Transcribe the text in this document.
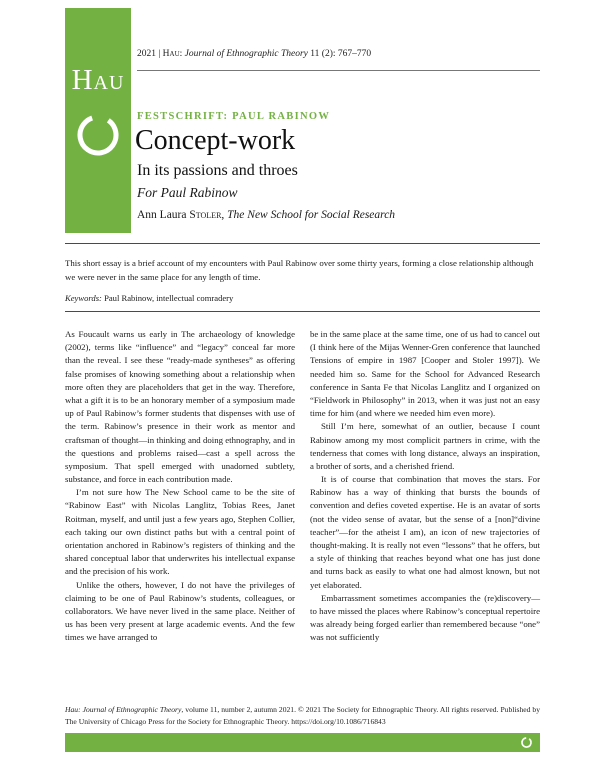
Hau
2021 | Hau: Journal of Ethnographic Theory 11 (2): 767–770
FESTSCHRIFT: PAUL RABINOW
Concept-work
In its passions and throes
For Paul Rabinow
Ann Laura Stoler, The New School for Social Research
This short essay is a brief account of my encounters with Paul Rabinow over some thirty years, forming a close relationship although we were never in the same place for any length of time.
Keywords: Paul Rabinow, intellectual comradery

As Foucault warns us early in The archaeology of knowledge (2002), terms like “influence” and “legacy” conceal far more than the reveal. I see these “ready-made syntheses” as offering false promises of knowing something about a relationship when more often they are placeholders that get in the way. Therefore, what a gift it is to be an honorary member of a symposium made up of Paul Rabinow’s former students that dispenses with use of the term. Rabinow’s presence in their work as mentor and craftsman of thought—in thinking and doing ethnography, and in the questions and problems raised—cast a spell across the symposium. That spell emerged with unadorned subtlety, substance, and force in each contribution made.

I’m not sure how The New School came to be the site of “Rabinow East” with Nicolas Langlitz, Tobias Rees, Janet Roitman, myself, and until just a few years ago, Stephen Collier, each taking our own distinct paths but with a central point of orientation anchored in Rabinow’s registers of thinking and the shared conceptual labor that underwrites his intellectual expanse and the precision of his work.

Unlike the others, however, I do not have the privileges of claiming to be one of Paul Rabinow’s students, colleagues, or collaborators. We have never lived in the same place. Neither of us has been very present at large academic events. And the few times we have arranged to

be in the same place at the same time, one of us had to cancel out (I think here of the Mijas Wenner-Gren conference that launched Tensions of empire in 1987 [Cooper and Stoler 1997]). We needed him so. Same for the School for Advanced Research conference in Santa Fe that Nicolas Langlitz and I organized on “Fieldwork in Philosophy” in 2013, when it was just not an easy time for him (and where we needed him even more).

Still I’m here, somewhat of an outlier, because I count Rabinow among my most complicit partners in crime, with the tenderness that comes with long distance, always an inspiration, a brother of sorts, and a cherished friend.

It is of course that combination that moves the stars. For Rabinow has a way of thinking that bursts the bounds of convention and defies coveted expertise. He is an avatar of sorts (not the video sense of avatar, but the sense of a [non]“divine teacher”—for the atheist I am), an icon of new trajectories of thought-making. It is really not even “lessons” that he offers, but a style of thinking that reaches beyond what one has just done and turns back as easily to what one had almost known, but not yet elaborated.

Embarrassment sometimes accompanies the (re)discovery—to have missed the places where Rabinow’s conceptual repertoire was already being forged earlier than remembered because “one” was not sufficiently

Hau: Journal of Ethnographic Theory, volume 11, number 2, autumn 2021. © 2021 The Society for Ethnographic Theory. All rights reserved. Published by The University of Chicago Press for the Society for Ethnographic Theory. https://doi.org/10.1086/716843
